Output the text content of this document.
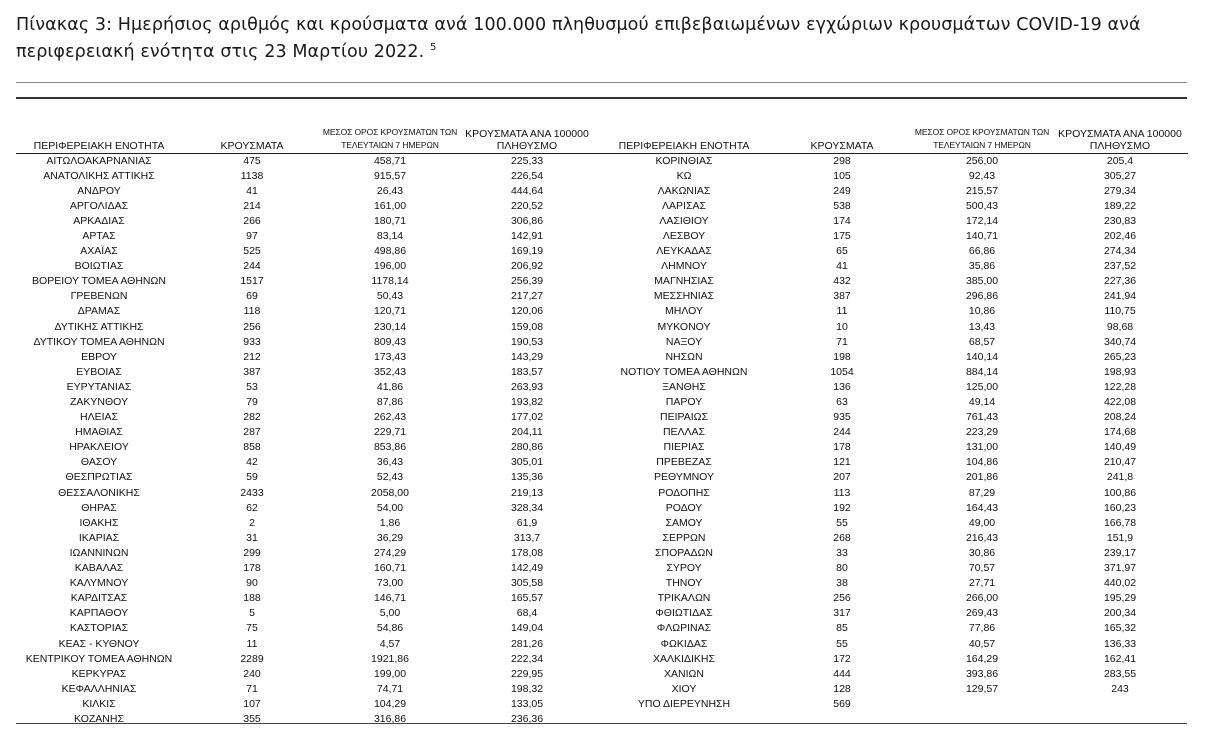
Πίνακας 3: Ημερήσιος αριθμός και κρούσματα ανά 100.000 πληθυσμού επιβεβαιωμένων εγχώριων κρουσμάτων COVID-19 ανά περιφερειακή ενότητα στις 23 Μαρτίου 2022. $^5$
ΠΕΡΙΦΕΡΕΙΑΚΗ ΕΝΟΤΗΤΑ	ΚΡΟΥΣΜΑΤΑ	ΜΕΣΟΣ ΟΡΟΣ ΚΡΟΥΣΜΑΤΩΝ ΤΩΝ ΤΕΛΕΥΤΑΙΩΝ 7 ΗΜΕΡΩΝ	ΚΡΟΥΣΜΑΤΑ ΑΝΑ 100000 ΠΛΗΘΥΣΜΟ
ΑΙΤΩΛΟΑΚΑΡΝΑΝΙΑΣ	475	458,71	225,33
ΑΝΑΤΟΛΙΚΗΣ ΑΤΤΙΚΗΣ	1138	915,57	226,54
ΑΝΔΡΟΥ	41	26,43	444,64
ΑΡΓΟΛΙΔΑΣ	214	161,00	220,52
ΑΡΚΑΔΙΑΣ	266	180,71	306,86
ΑΡΤΑΣ	97	83,14	142,91
ΑΧΑΪΑΣ	525	498,86	169,19
ΒΟΙΩΤΙΑΣ	244	196,00	206,92
ΒΟΡΕΙΟΥ ΤΟΜΕΑ ΑΘΗΝΩΝ	1517	1178,14	256,39
ΓΡΕΒΕΝΩΝ	69	50,43	217,27
ΔΡΑΜΑΣ	118	120,71	120,06
ΔΥΤΙΚΗΣ ΑΤΤΙΚΗΣ	256	230,14	159,08
ΔΥΤΙΚΟΥ ΤΟΜΕΑ ΑΘΗΝΩΝ	933	809,43	190,53
ΕΒΡΟΥ	212	173,43	143,29
ΕΥΒΟΙΑΣ	387	352,43	183,57
ΕΥΡΥΤΑΝΙΑΣ	53	41,86	263,93
ΖΑΚΥΝΘΟΥ	79	87,86	193,82
ΗΛΕΙΑΣ	282	262,43	177,02
ΗΜΑΘΙΑΣ	287	229,71	204,11
ΗΡΑΚΛΕΙΟΥ	858	853,86	280,86
ΘΑΣΟΥ	42	36,43	305,01
ΘΕΣΠΡΩΤΙΑΣ	59	52,43	135,36
ΘΕΣΣΑΛΟΝΙΚΗΣ	2433	2058,00	219,13
ΘΗΡΑΣ	62	54,00	328,34
ΙΘΑΚΗΣ	2	1,86	61,9
ΙΚΑΡΙΑΣ	31	36,29	313,7
ΙΩΑΝΝΙΝΩΝ	299	274,29	178,08
ΚΑΒΑΛΑΣ	178	160,71	142,49
ΚΑΛΥΜΝΟΥ	90	73,00	305,58
ΚΑΡΔΙΤΣΑΣ	188	146,71	165,57
ΚΑΡΠΑΘΟΥ	5	5,00	68,4
ΚΑΣΤΟΡΙΑΣ	75	54,86	149,04
ΚΕΑΣ - ΚΥΘΝΟΥ	11	4,57	281,26
ΚΕΝΤΡΙΚΟΥ ΤΟΜΕΑ ΑΘΗΝΩΝ	2289	1921,86	222,34
ΚΕΡΚΥΡΑΣ	240	199,00	229,95
ΚΕΦΑΛΛΗΝΙΑΣ	71	74,71	198,32
ΚΙΛΚΙΣ	107	104,29	133,05
ΚΟΖΑΝΗΣ	355	316,86	236,36
ΠΕΡΙΦΕΡΕΙΑΚΗ ΕΝΟΤΗΤΑ	ΚΡΟΥΣΜΑΤΑ	ΜΕΣΟΣ ΟΡΟΣ ΚΡΟΥΣΜΑΤΩΝ ΤΩΝ ΤΕΛΕΥΤΑΙΩΝ 7 ΗΜΕΡΩΝ	ΚΡΟΥΣΜΑΤΑ ΑΝΑ 100000 ΠΛΗΘΥΣΜΟ
ΚΟΡΙΝΘΙΑΣ	298	256,00	205,4
ΚΩ	105	92,43	305,27
ΛΑΚΩΝΙΑΣ	249	215,57	279,34
ΛΑΡΙΣΑΣ	538	500,43	189,22
ΛΑΣΙΘΙΟΥ	174	172,14	230,83
ΛΕΣΒΟΥ	175	140,71	202,46
ΛΕΥΚΑΔΑΣ	65	66,86	274,34
ΛΗΜΝΟΥ	41	35,86	237,52
ΜΑΓΝΗΣΙΑΣ	432	385,00	227,36
ΜΕΣΣΗΝΙΑΣ	387	296,86	241,94
ΜΗΛΟΥ	11	10,86	110,75
ΜΥΚΟΝΟΥ	10	13,43	98,68
ΝΑΞΟΥ	71	68,57	340,74
ΝΗΣΩΝ	198	140,14	265,23
ΝΟΤΙΟΥ ΤΟΜΕΑ ΑΘΗΝΩΝ	1054	884,14	198,93
ΞΑΝΘΗΣ	136	125,00	122,28
ΠΑΡΟΥ	63	49,14	422,08
ΠΕΙΡΑΙΩΣ	935	761,43	208,24
ΠΕΛΛΑΣ	244	223,29	174,68
ΠΙΕΡΙΑΣ	178	131,00	140,49
ΠΡΕΒΕΖΑΣ	121	104,86	210,47
ΡΕΘΥΜΝΟΥ	207	201,86	241,8
ΡΟΔΟΠΗΣ	113	87,29	100,86
ΡΟΔΟΥ	192	164,43	160,23
ΣΑΜΟΥ	55	49,00	166,78
ΣΕΡΡΩΝ	268	216,43	151,9
ΣΠΟΡΑΔΩΝ	33	30,86	239,17
ΣΥΡΟΥ	80	70,57	371,97
ΤΗΝΟΥ	38	27,71	440,02
ΤΡΙΚΑΛΩΝ	256	266,00	195,29
ΦΘΙΩΤΙΔΑΣ	317	269,43	200,34
ΦΛΩΡΙΝΑΣ	85	77,86	165,32
ΦΩΚΙΔΑΣ	55	40,57	136,33
ΧΑΛΚΙΔΙΚΗΣ	172	164,29	162,41
ΧΑΝΙΩΝ	444	393,86	283,55
ΧΙΟΥ	128	129,57	243
ΥΠΟ ΔΙΕΡΕΥΝΗΣΗ	569		
